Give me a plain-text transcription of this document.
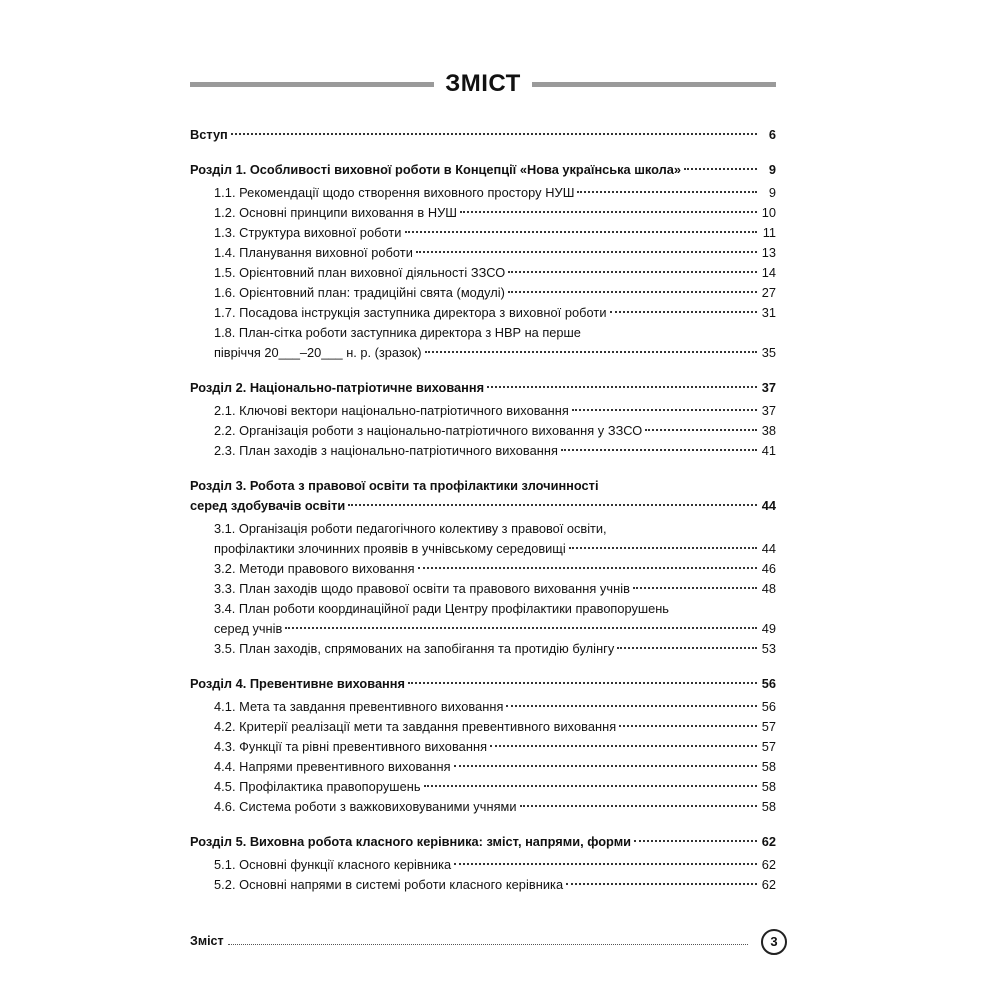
ЗМІСТ
Вступ	6
Розділ 1. Особливості виховної роботи в Концепції «Нова українська школа»	9
1.1. Рекомендації щодо створення виховного простору НУШ	9
1.2. Основні принципи виховання в НУШ	10
1.3. Структура виховної роботи	11
1.4. Планування виховної роботи	13
1.5. Орієнтовний план виховної діяльності ЗЗСО	14
1.6. Орієнтовний план: традиційні свята (модулі)	27
1.7. Посадова інструкція заступника директора з виховної роботи	31
1.8. План-сітка роботи заступника директора з НВР на перше
півріччя 20___–20___ н. р. (зразок)	35
Розділ 2. Національно-патріотичне виховання	37
2.1. Ключові вектори національно-патріотичного виховання	37
2.2. Організація роботи з національно-патріотичного виховання у ЗЗСО	38
2.3. План заходів з національно-патріотичного виховання	41
Розділ 3. Робота з правової освіти та профілактики злочинності
серед здобувачів освіти	44
3.1. Організація роботи педагогічного колективу з правової освіти,
профілактики злочинних проявів в учнівському середовищі	44
3.2. Методи правового виховання	46
3.3. План заходів щодо правової освіти та правового виховання учнів	48
3.4. План роботи координаційної ради Центру профілактики правопорушень
серед учнів	49
3.5. План заходів, спрямованих на запобігання та протидію булінгу	53
Розділ 4. Превентивне виховання	56
4.1. Мета та завдання превентивного виховання	56
4.2. Критерії реалізації мети та завдання превентивного виховання	57
4.3. Функції та рівні превентивного виховання	57
4.4. Напрями превентивного виховання	58
4.5. Профілактика правопорушень	58
4.6. Система роботи з важковиховуваними учнями	58
Розділ 5. Виховна робота класного керівника: зміст, напрями, форми	62
5.1. Основні функції класного керівника	62
5.2. Основні напрями в системі роботи класного керівника	62
Зміст	3
